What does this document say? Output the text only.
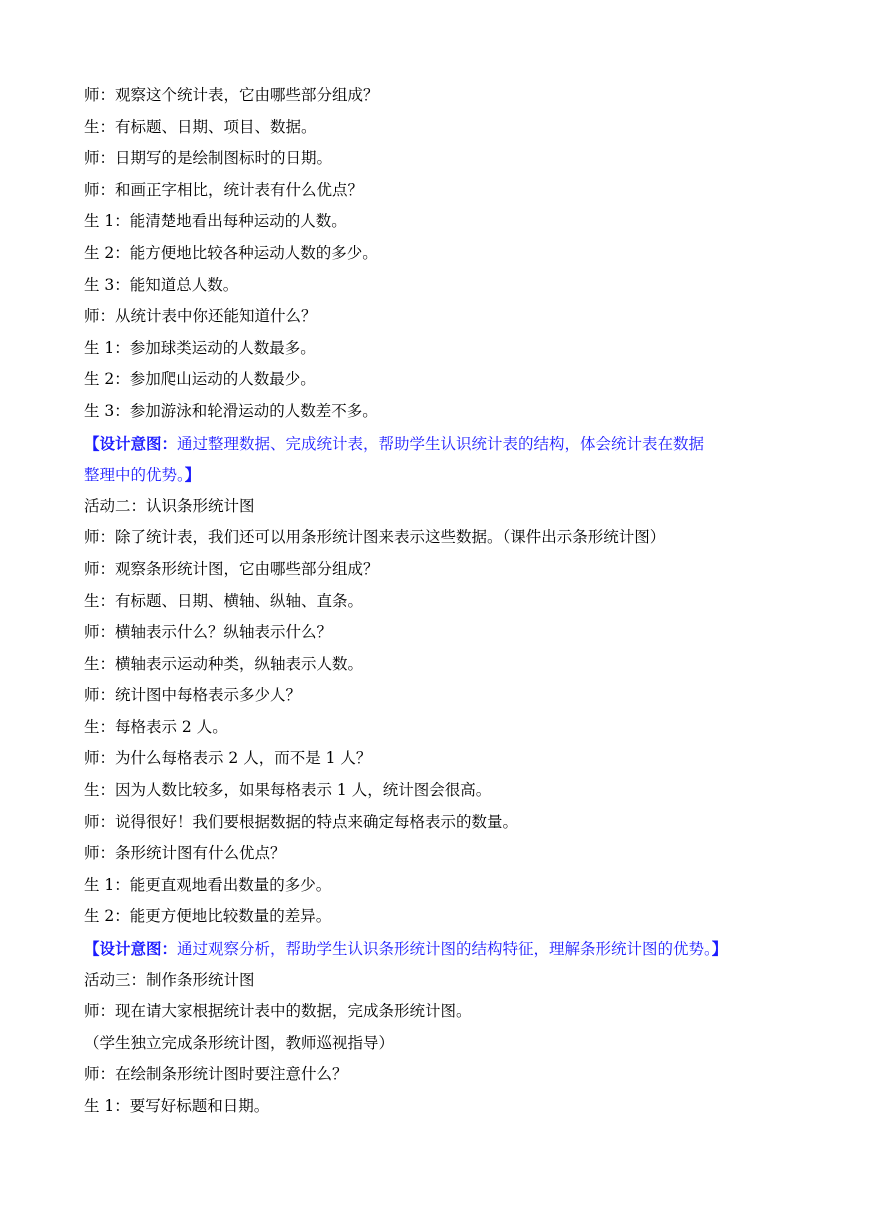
师：观察这个统计表，它由哪些部分组成？
生：有标题、日期、项目、数据。
师：日期写的是绘制图标时的日期。
师：和画正字相比，统计表有什么优点？
生 1：能清楚地看出每种运动的人数。
生 2：能方便地比较各种运动人数的多少。
生 3：能知道总人数。
师：从统计表中你还能知道什么？
生 1：参加球类运动的人数最多。
生 2：参加爬山运动的人数最少。
生 3：参加游泳和轮滑运动的人数差不多。
【设计意图：通过整理数据、完成统计表，帮助学生认识统计表的结构，体会统计表在数据
整理中的优势。】
活动二：认识条形统计图
师：除了统计表，我们还可以用条形统计图来表示这些数据。（课件出示条形统计图）
师：观察条形统计图，它由哪些部分组成？
生：有标题、日期、横轴、纵轴、直条。
师：横轴表示什么？纵轴表示什么？
生：横轴表示运动种类，纵轴表示人数。
师：统计图中每格表示多少人？
生：每格表示 2 人。
师：为什么每格表示 2 人，而不是 1 人？
生：因为人数比较多，如果每格表示 1 人，统计图会很高。
师：说得很好！我们要根据数据的特点来确定每格表示的数量。
师：条形统计图有什么优点？
生 1：能更直观地看出数量的多少。
生 2：能更方便地比较数量的差异。
【设计意图：通过观察分析，帮助学生认识条形统计图的结构特征，理解条形统计图的优势。】
活动三：制作条形统计图
师：现在请大家根据统计表中的数据，完成条形统计图。
（学生独立完成条形统计图，教师巡视指导）
师：在绘制条形统计图时要注意什么？
生 1：要写好标题和日期。
